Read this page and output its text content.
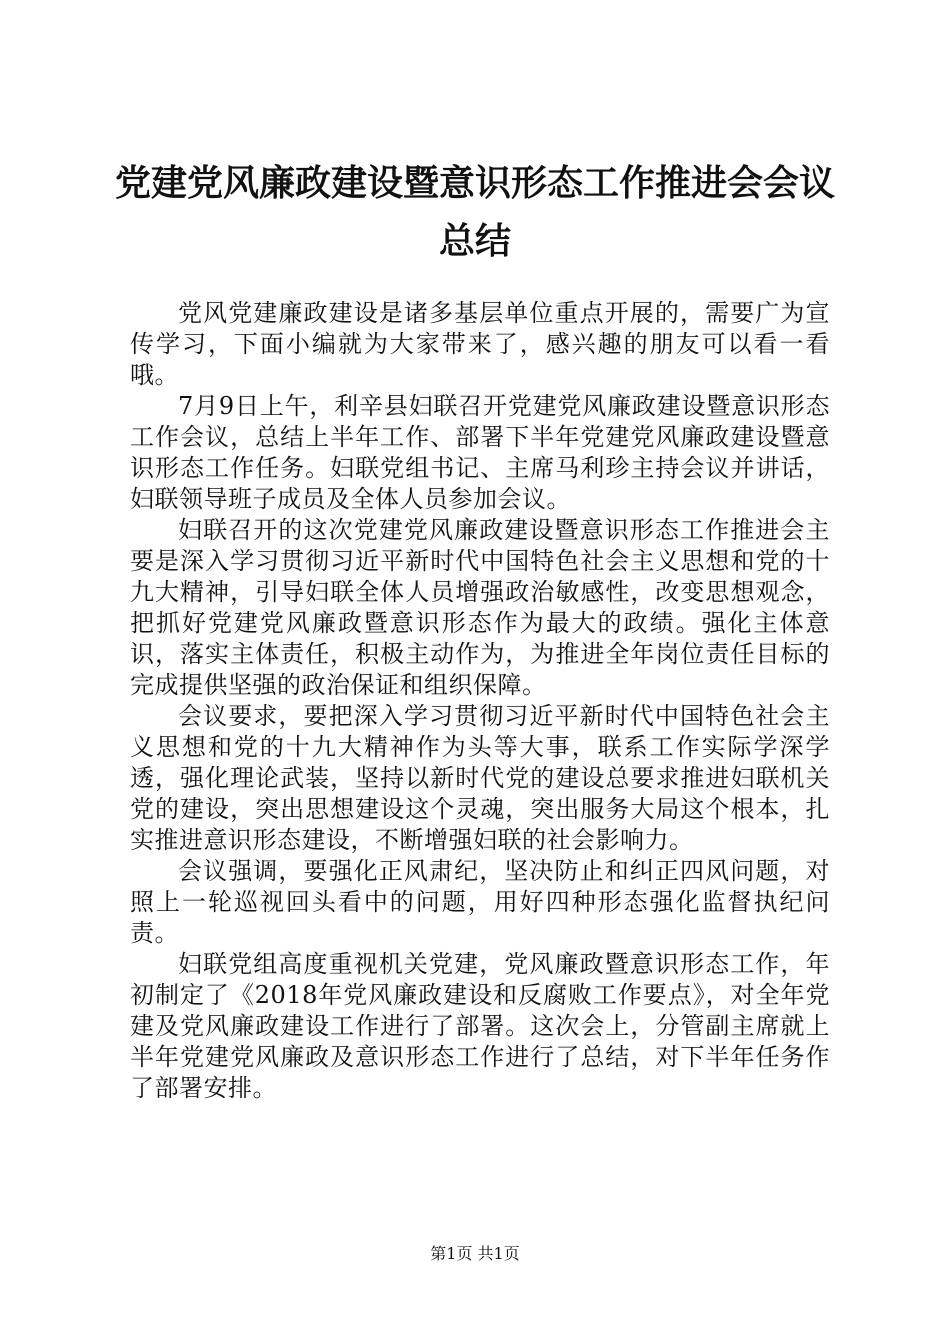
党建党风廉政建设暨意识形态工作推进会会议
总结

党风党建廉政建设是诸多基层单位重点开展的，需要广为宣传学习，下面小编就为大家带来了，感兴趣的朋友可以看一看哦。

7月9日上午，利辛县妇联召开党建党风廉政建设暨意识形态工作会议，总结上半年工作、部署下半年党建党风廉政建设暨意识形态工作任务。妇联党组书记、主席马利珍主持会议并讲话，妇联领导班子成员及全体人员参加会议。

妇联召开的这次党建党风廉政建设暨意识形态工作推进会主要是深入学习贯彻习近平新时代中国特色社会主义思想和党的十九大精神，引导妇联全体人员增强政治敏感性，改变思想观念，把抓好党建党风廉政暨意识形态作为最大的政绩。强化主体意识，落实主体责任，积极主动作为，为推进全年岗位责任目标的完成提供坚强的政治保证和组织保障。

会议要求，要把深入学习贯彻习近平新时代中国特色社会主义思想和党的十九大精神作为头等大事，联系工作实际学深学透，强化理论武装，坚持以新时代党的建设总要求推进妇联机关党的建设，突出思想建设这个灵魂，突出服务大局这个根本，扎实推进意识形态建设，不断增强妇联的社会影响力。

会议强调，要强化正风肃纪，坚决防止和纠正四风问题，对照上一轮巡视回头看中的问题，用好四种形态强化监督执纪问责。

妇联党组高度重视机关党建，党风廉政暨意识形态工作，年初制定了《2018年党风廉政建设和反腐败工作要点》，对全年党建及党风廉政建设工作进行了部署。这次会上，分管副主席就上半年党建党风廉政及意识形态工作进行了总结，对下半年任务作了部署安排。

第1页 共1页
